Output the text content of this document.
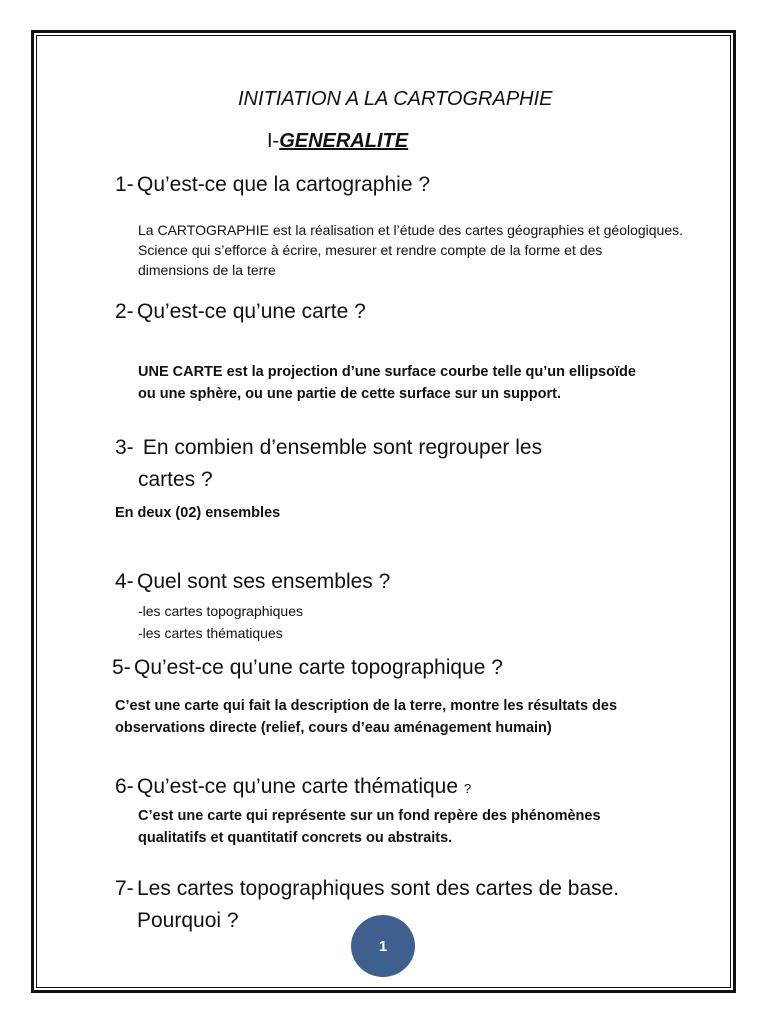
INITIATION A LA CARTOGRAPHIE
I-GENERALITE
1- Qu’est-ce que la cartographie ?
La CARTOGRAPHIE est la réalisation et l’étude des cartes géographies et géologiques.
Science qui s’efforce à écrire, mesurer et rendre compte de la forme et des
dimensions de la terre
2- Qu’est-ce qu’une carte ?
UNE CARTE est la projection d’une surface courbe telle qu’un ellipsoïde
ou une sphère, ou une partie de cette surface sur un support.
3- En combien d’ensemble sont regrouper les
cartes ?
En deux (02) ensembles
4- Quel sont ses ensembles ?
-les cartes topographiques
-les cartes thématiques
5- Qu’est-ce qu’une carte topographique ?
C’est une carte qui fait la description de la terre, montre les résultats des
observations directe (relief, cours d’eau aménagement humain)
6- Qu’est-ce qu’une carte thématique ?
C’est une carte qui représente sur un fond repère des phénomènes
qualitatifs et quantitatif concrets ou abstraits.
7- Les cartes topographiques sont des cartes de base.
Pourquoi ?
1
